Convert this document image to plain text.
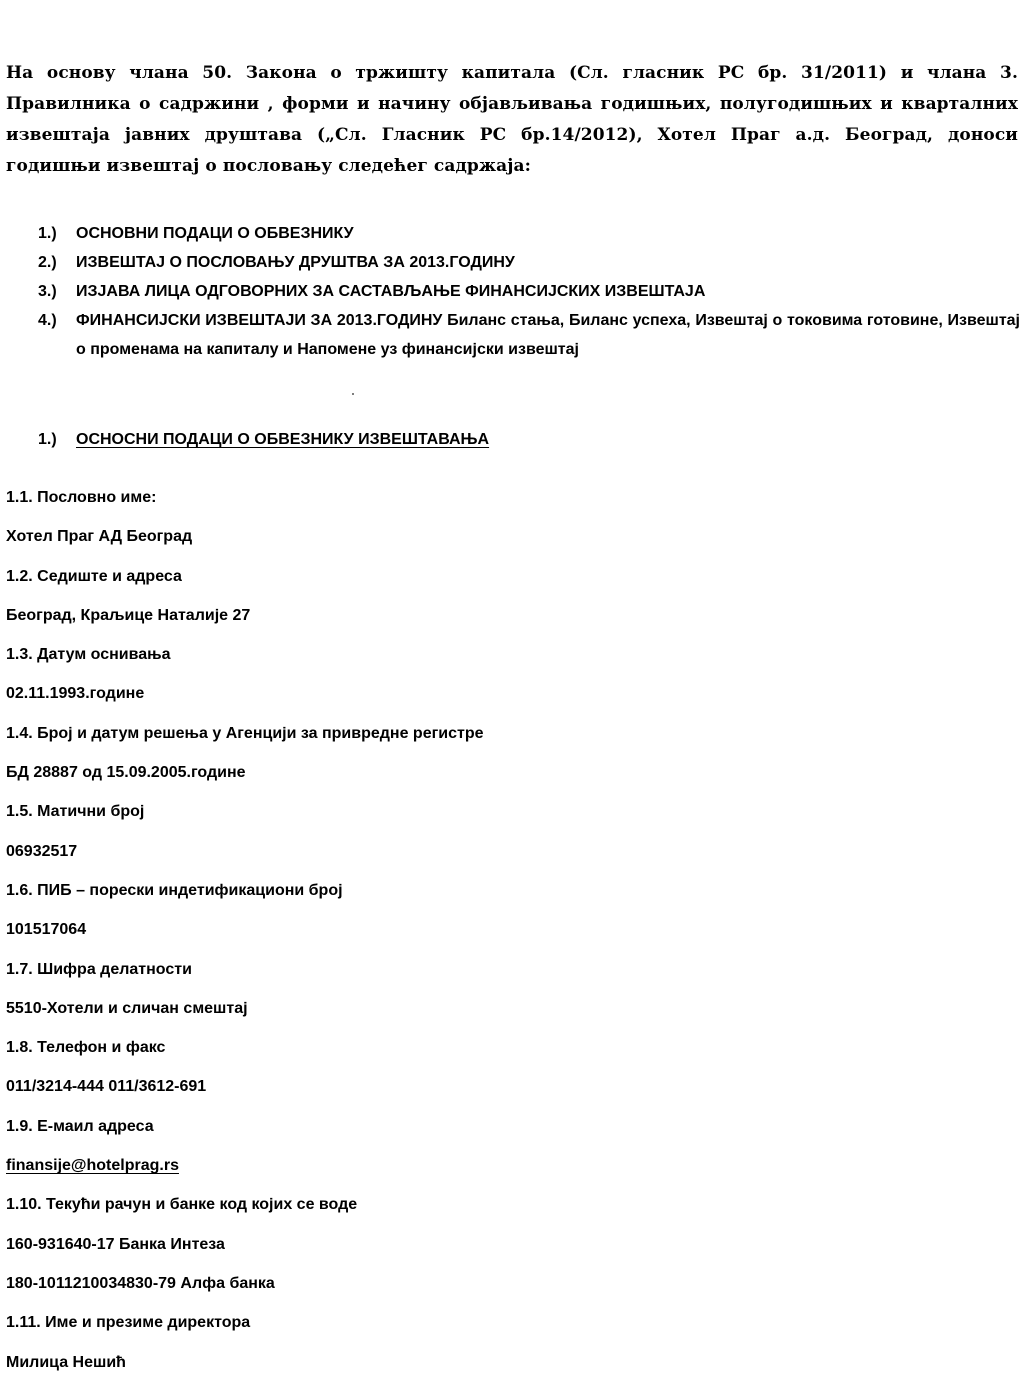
На основу члана 50. Закона о тржишту капитала (Сл. гласник РС бр. 31/2011) и члана 3. Правилника о садржини , форми и начину објављивања годишњих, полугодишњих и кварталних извештаја јавних друштава („Сл. Гласник РС бр.14/2012), Хотел Праг а.д. Београд, доноси годишњи извештај о пословању следећег садржаја:

1.)	ОСНОВНИ ПОДАЦИ О ОБВЕЗНИКУ
2.)	ИЗВЕШТАЈ О ПОСЛОВАЊУ ДРУШТВА ЗА 2013.ГОДИНУ
3.)	ИЗЈАВА ЛИЦА ОДГОВОРНИХ ЗА САСТАВЉАЊЕ ФИНАНСИЈСКИХ ИЗВЕШТАЈА
4.)	ФИНАНСИЈСКИ ИЗВЕШТАЈИ ЗА 2013.ГОДИНУ Биланс стања, Биланс успеха, Извештај о токовима готовине, Извештај о променама на капиталу и Напомене уз финансијски извештај
1.)	ОСНОСНИ ПОДАЦИ О ОБВЕЗНИКУ ИЗВЕШТАВАЊА
1.1. Пословно име:
Хотел Праг АД Београд
1.2. Седиште и адреса
Београд, Краљице Наталије 27
1.3. Датум оснивања
02.11.1993.године
1.4. Број и датум решења у Агенцији за привредне регистре
БД 28887 од 15.09.2005.године
1.5. Матични број
06932517
1.6. ПИБ – порески индетификациони број
101517064
1.7. Шифра делатности
5510-Хотели и сличан смештај
1.8. Телефон и факс
011/3214-444 011/3612-691
1.9. Е-маил адреса
finansije@hotelprag.rs
1.10. Текући рачун и банке код којих се воде
160-931640-17 Банка Интеза
180-1011210034830-79 Алфа банка
1.11. Име и презиме директора
Милица Нешић
